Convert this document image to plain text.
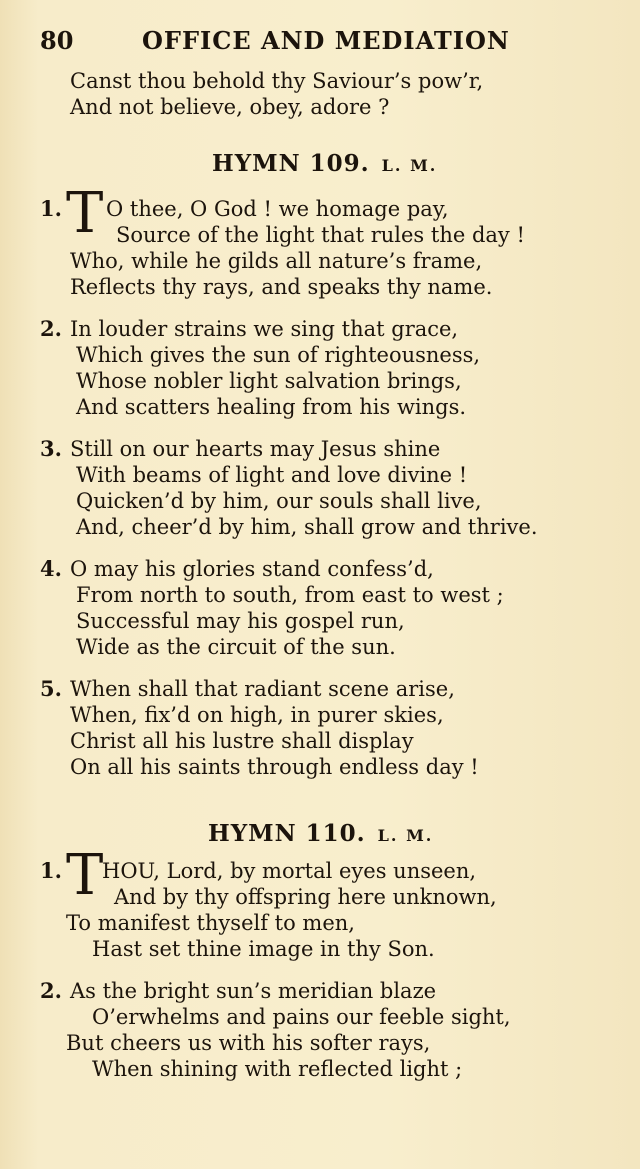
80	OFFICE AND MEDIATION
Canst thou behold thy Saviour’s pow’r,
And not believe, obey, adore ?
HYMN 109. L. M.
1. T O thee, O God ! we homage pay,
Source of the light that rules the day !
Who, while he gilds all nature’s frame,
Reflects thy rays, and speaks thy name.
2. In louder strains we sing that grace,
Which gives the sun of righteousness,
Whose nobler light salvation brings,
And scatters healing from his wings.
3. Still on our hearts may Jesus shine
With beams of light and love divine !
Quicken’d by him, our souls shall live,
And, cheer’d by him, shall grow and thrive.
4. O may his glories stand confess’d,
From north to south, from east to west ;
Successful may his gospel run,
Wide as the circuit of the sun.
5. When shall that radiant scene arise,
When, fix’d on high, in purer skies,
Christ all his lustre shall display
On all his saints through endless day !
HYMN 110. L. M.
1. T
HOU, Lord, by mortal eyes unseen,
And by thy offspring here unknown,
To manifest thyself to men,
Hast set thine image in thy Son.
2. As the bright sun’s meridian blaze
O’erwhelms and pains our feeble sight,
But cheers us with his softer rays,
When shining with reflected light ;
